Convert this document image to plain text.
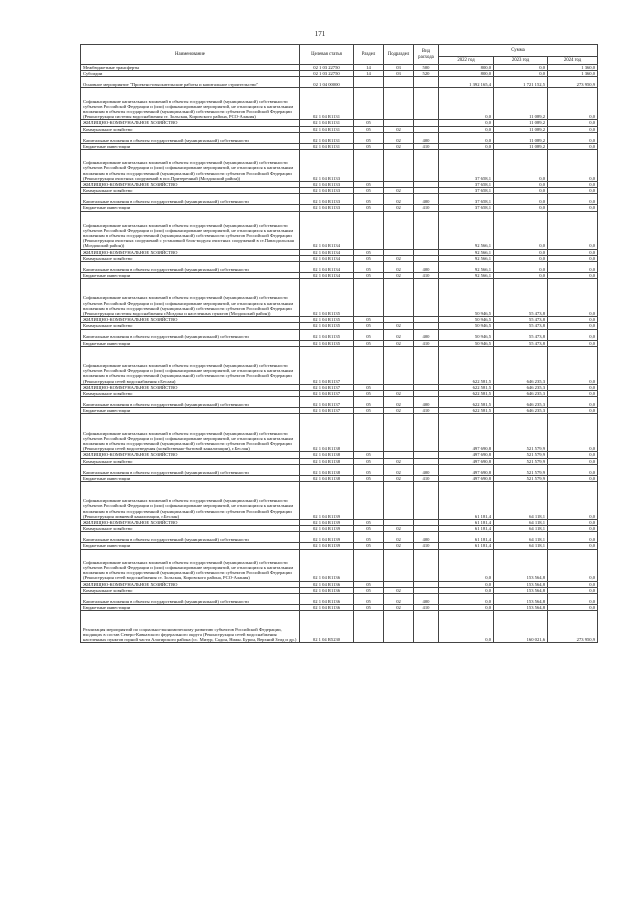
171
Наименование	Целевая статья	Раздел	Подраздел	Вид расхода	Сумма		
					2022 год	2023 год	2024 год
Межбюджетные трансферты	02 1 03 22750	14	03	500	800,0	0,0	1 360,0
Субсидии	02 1 03 22750	14	03	520	800,0	0,0	1 360,0
Основное мероприятие "Проектно-изыскательские работы и капитальное строительство"	02 1 04 00000				1 392 165,4	1 721 152,5	273 950,9
Софинансирование капитальных вложений в объекты государственной (муниципальной) собственности субъектов Российской Федерации и (или) софинансирование мероприятий, не относящихся к капитальным вложениям в объекты государственной (муниципальной) собственности субъектов Российской Федерации (Реконструкция системы водоснабжения ст. Зольская, Кировского района, РСО-Алания)	02 1 04 R1131				0,0	11 089,2	0,0
ЖИЛИЩНО-КОММУНАЛЬНОЕ ХОЗЯЙСТВО	02 1 04 R1131	05			0,0	11 089,2	0,0
Коммунальное хозяйство	02 1 04 R1131	05	02		0,0	11 089,2	0,0
Капитальные вложения в объекты государственной (муниципальной) собственности	02 1 04 R1131	05	02	400	0,0	11 089,2	0,0
Бюджетные инвестиции	02 1 04 R1131	05	02	410	0,0	11 089,2	0,0
Софинансирование капитальных вложений в объекты государственной (муниципальной) собственности субъектов Российской Федерации и (или) софинансирование мероприятий, не относящихся к капитальным вложениям в объекты государственной (муниципальной) собственности субъектов Российской Федерации (Реконструкция очистных сооружений в пос.Притеречный (Моздокский район))	02 1 04 R1133				37 658,1	0,0	0,0
ЖИЛИЩНО-КОММУНАЛЬНОЕ ХОЗЯЙСТВО	02 1 04 R1133	05			37 658,1	0,0	0,0
Коммунальное хозяйство	02 1 04 R1133	05	02		37 658,1	0,0	0,0
Капитальные вложения в объекты государственной (муниципальной) собственности	02 1 04 R1133	05	02	400	37 658,1	0,0	0,0
Бюджетные инвестиции	02 1 04 R1133	05	02	410	37 658,1	0,0	0,0
Софинансирование капитальных вложений в объекты государственной (муниципальной) собственности субъектов Российской Федерации и (или) софинансирование мероприятий, не относящихся к капитальным вложениям в объекты государственной (муниципальной) собственности субъектов Российской Федерации (Реконструкция очистных сооружений с установкой блок-модуля очистных сооружений в ст.Павлодольская (Моздокский район))	02 1 04 R1134				92 566,1	0,0	0,0
ЖИЛИЩНО-КОММУНАЛЬНОЕ ХОЗЯЙСТВО	02 1 04 R1134	05			92 566,1	0,0	0,0
Коммунальное хозяйство	02 1 04 R1134	05	02		92 566,1	0,0	0,0
Капитальные вложения в объекты государственной (муниципальной) собственности	02 1 04 R1134	05	02	400	92 566,1	0,0	0,0
Бюджетные инвестиции	02 1 04 R1134	05	02	410	92 566,1	0,0	0,0
Софинансирование капитальных вложений в объекты государственной (муниципальной) собственности субъектов Российской Федерации и (или) софинансирование мероприятий, не относящихся к капитальным вложениям в объекты государственной (муниципальной) собственности субъектов Российской Федерации (Реконструкция системы водоснабжения г.Моздока и населенных пунктов (Моздокский район))	02 1 04 R1135				50 946,5	55 473,8	0,0
ЖИЛИЩНО-КОММУНАЛЬНОЕ ХОЗЯЙСТВО	02 1 04 R1135	05			50 946,5	55 473,8	0,0
Коммунальное хозяйство	02 1 04 R1135	05	02		50 946,5	55 473,8	0,0
Капитальные вложения в объекты государственной (муниципальной) собственности	02 1 04 R1135	05	02	400	50 946,5	55 473,8	0,0
Бюджетные инвестиции	02 1 04 R1135	05	02	410	50 946,5	55 473,8	0,0
Софинансирование капитальных вложений в объекты государственной (муниципальной) собственности субъектов Российской Федерации и (или) софинансирование мероприятий, не относящихся к капитальным вложениям в объекты государственной (муниципальной) собственности субъектов Российской Федерации (Реконструкция сетей водоснабжения г.Беслан)	02 1 04 R1137				622 581,5	646 235,3	0,0
ЖИЛИЩНО-КОММУНАЛЬНОЕ ХОЗЯЙСТВО	02 1 04 R1137	05			622 581,5	646 235,3	0,0
Коммунальное хозяйство	02 1 04 R1137	05	02		622 581,5	646 235,3	0,0
Капитальные вложения в объекты государственной (муниципальной) собственности	02 1 04 R1137	05	02	400	622 581,5	646 235,3	0,0
Бюджетные инвестиции	02 1 04 R1137	05	02	410	622 581,5	646 235,3	0,0
Софинансирование капитальных вложений в объекты государственной (муниципальной) собственности субъектов Российской Федерации и (или) софинансирование мероприятий, не относящихся к капитальным вложениям в объекты государственной (муниципальной) собственности субъектов Российской Федерации (Реконструкция сетей водоотведения (хозяйственно-бытовой канализации), г.Беслан)	02 1 04 R1138				497 690,8	521 579,9	0,0
ЖИЛИЩНО-КОММУНАЛЬНОЕ ХОЗЯЙСТВО	02 1 04 R1138	05			497 690,8	521 579,9	0,0
Коммунальное хозяйство	02 1 04 R1138	05	02		497 690,8	521 579,9	0,0
Капитальные вложения в объекты государственной (муниципальной) собственности	02 1 04 R1138	05	02	400	497 690,8	521 579,9	0,0
Бюджетные инвестиции	02 1 04 R1138	05	02	410	497 690,8	521 579,9	0,0
Софинансирование капитальных вложений в объекты государственной (муниципальной) собственности субъектов Российской Федерации и (или) софинансирование мероприятий, не относящихся к капитальным вложениям в объекты государственной (муниципальной) собственности субъектов Российской Федерации (Реконструкция ливневой канализации, г.Беслан)	02 1 04 R1139				61 181,4	64 118,1	0,0
ЖИЛИЩНО-КОММУНАЛЬНОЕ ХОЗЯЙСТВО	02 1 04 R1139	05			61 181,4	64 118,1	0,0
Коммунальное хозяйство	02 1 04 R1139	05	02		61 181,4	64 118,1	0,0
Капитальные вложения в объекты государственной (муниципальной) собственности	02 1 04 R1139	05	02	400	61 181,4	64 118,1	0,0
Бюджетные инвестиции	02 1 04 R1139	05	02	410	61 181,4	64 118,1	0,0
Софинансирование капитальных вложений в объекты государственной (муниципальной) собственности субъектов Российской Федерации и (или) софинансирование мероприятий, не относящихся к капитальным вложениям в объекты государственной (муниципальной) собственности субъектов Российской Федерации (Реконструкция сетей водоснабжения ст. Зольская, Кировского района, РСО-Алания)	02 1 04 R1136				0,0	153 564,8	0,0
ЖИЛИЩНО-КОММУНАЛЬНОЕ ХОЗЯЙСТВО	02 1 04 R1136	05			0,0	153 564,8	0,0
Коммунальное хозяйство	02 1 04 R1136	05	02		0,0	153 564,8	0,0
Капитальные вложения в объекты государственной (муниципальной) собственности	02 1 04 R1136	05	02	400	0,0	153 564,8	0,0
Бюджетные инвестиции	02 1 04 R1136	05	02	410	0,0	153 564,8	0,0
Реализация мероприятий по социально-экономическому развитию субъектов Российской Федерации, входящих в состав Северо-Кавказского федерального округа (Реконструкция сетей водоснабжения населенных пунктов горной части Алагирского района (сс. Мизур, Садон, Нижн. Бурон, Верхний Згид и др.)	02 1 04 R5230				0,0	160 021,6	273 950,9
